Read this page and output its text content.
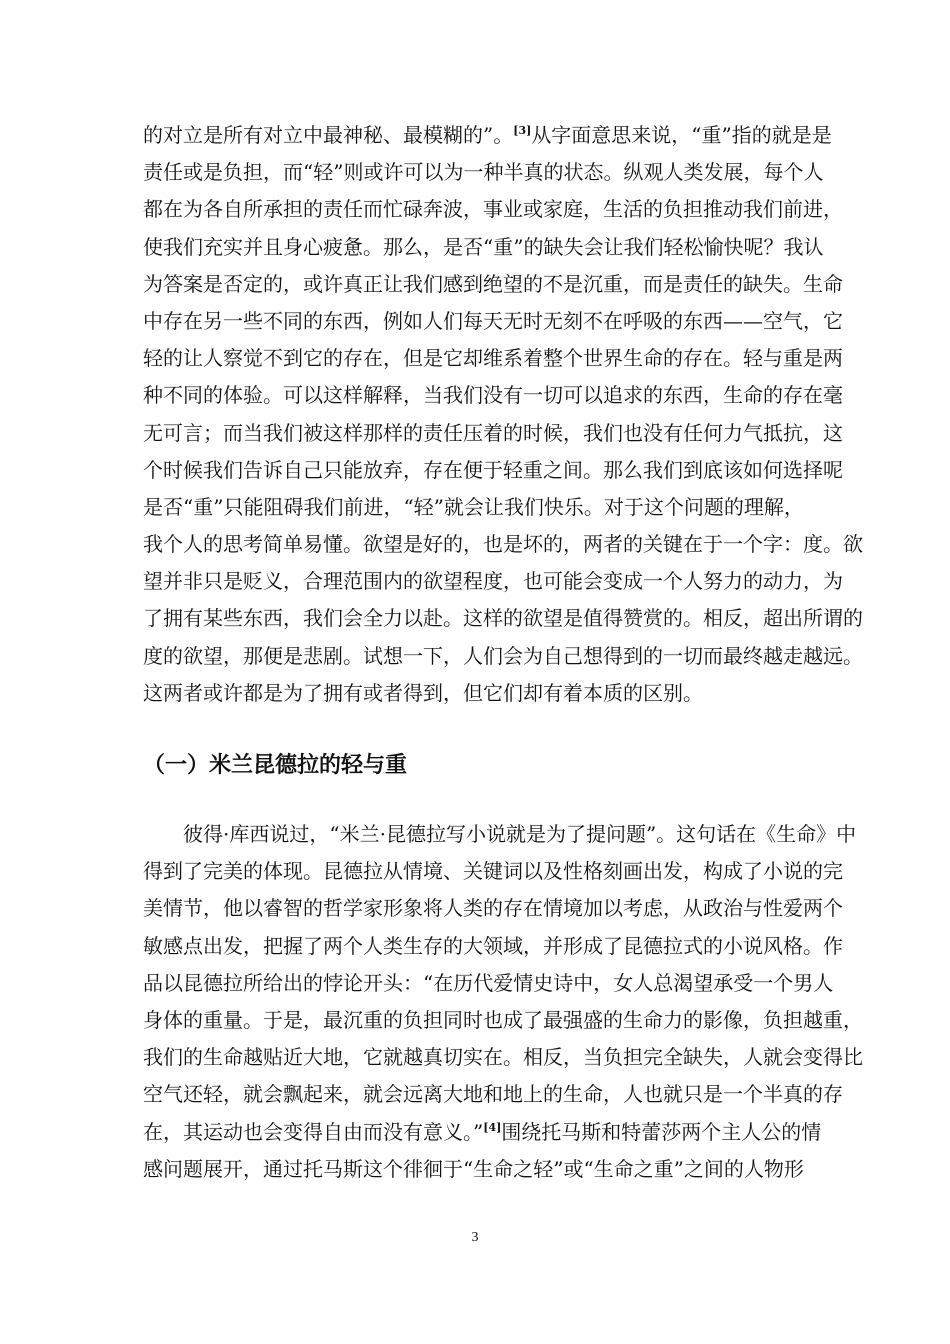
的对立是所有对立中最神秘、最模糊的”。[3]从字面意思来说，“重”指的就是是
责任或是负担，而“轻”则或许可以为一种半真的状态。纵观人类发展，每个人
都在为各自所承担的责任而忙碌奔波，事业或家庭，生活的负担推动我们前进，
使我们充实并且身心疲惫。那么，是否“重”的缺失会让我们轻松愉快呢？我认
为答案是否定的，或许真正让我们感到绝望的不是沉重，而是责任的缺失。生命
中存在另一些不同的东西，例如人们每天无时无刻不在呼吸的东西——空气，它
轻的让人察觉不到它的存在，但是它却维系着整个世界生命的存在。轻与重是两
种不同的体验。可以这样解释，当我们没有一切可以追求的东西，生命的存在毫
无可言；而当我们被这样那样的责任压着的时候，我们也没有任何力气抵抗，这
个时候我们告诉自己只能放弃，存在便于轻重之间。那么我们到底该如何选择呢
是否“重”只能阻碍我们前进，“轻”就会让我们快乐。对于这个问题的理解，
我个人的思考简单易懂。欲望是好的，也是坏的，两者的关键在于一个字：度。欲
望并非只是贬义，合理范围内的欲望程度，也可能会变成一个人努力的动力，为
了拥有某些东西，我们会全力以赴。这样的欲望是值得赞赏的。相反，超出所谓的
度的欲望，那便是悲剧。试想一下，人们会为自己想得到的一切而最终越走越远。
这两者或许都是为了拥有或者得到，但它们却有着本质的区别。

（一）米兰昆德拉的轻与重

彼得·库西说过，“米兰·昆德拉写小说就是为了提问题”。这句话在《生命》中
得到了完美的体现。昆德拉从情境、关键词以及性格刻画出发，构成了小说的完
美情节，他以睿智的哲学家形象将人类的存在情境加以考虑，从政治与性爱两个
敏感点出发，把握了两个人类生存的大领域，并形成了昆德拉式的小说风格。作
品以昆德拉所给出的悖论开头：“在历代爱情史诗中，女人总渴望承受一个男人
身体的重量。于是，最沉重的负担同时也成了最强盛的生命力的影像，负担越重，
我们的生命越贴近大地，它就越真切实在。相反，当负担完全缺失，人就会变得比
空气还轻，就会飘起来，就会远离大地和地上的生命，人也就只是一个半真的存
在，其运动也会变得自由而没有意义。”[4]围绕托马斯和特蕾莎两个主人公的情
感问题展开，通过托马斯这个徘徊于“生命之轻”或“生命之重”之间的人物形

3
